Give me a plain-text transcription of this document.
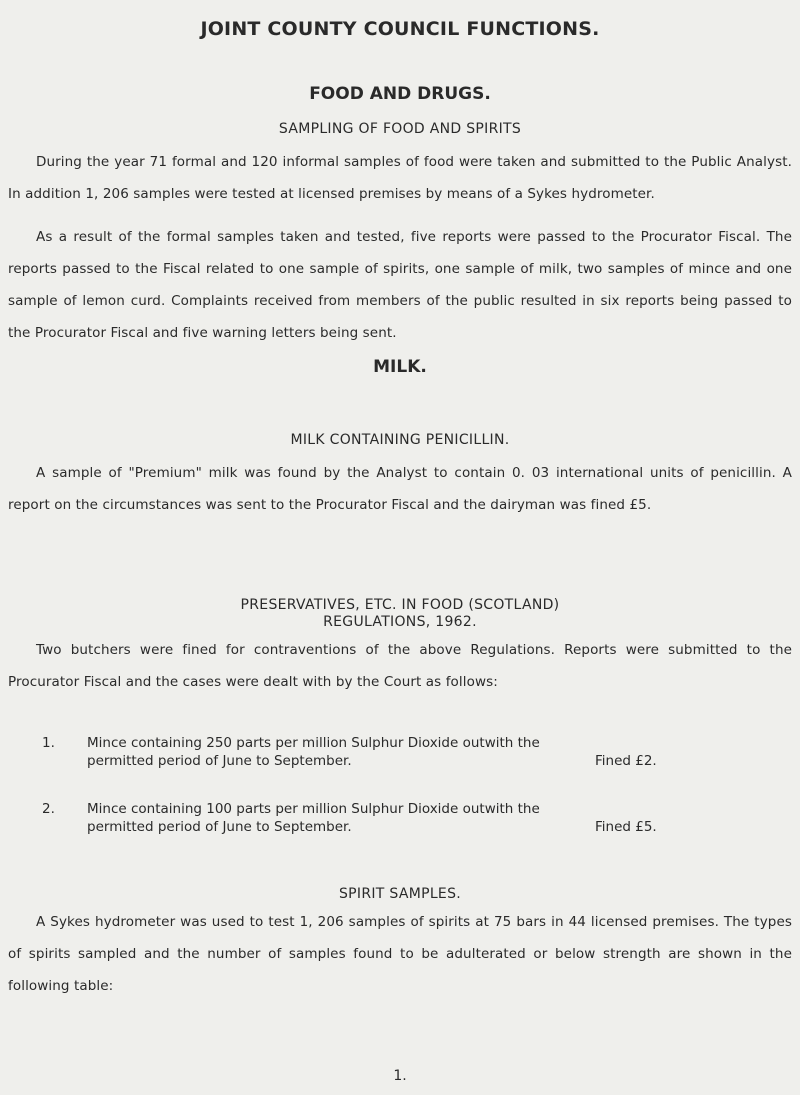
JOINT COUNTY COUNCIL FUNCTIONS.
FOOD AND DRUGS.
SAMPLING OF FOOD AND SPIRITS
During the year 71 formal and 120 informal samples of food were taken and submitted to the Public Analyst. In addition 1, 206 samples were tested at licensed premises by means of a Sykes hydrometer.
As a result of the formal samples taken and tested, five reports were passed to the Procurator Fiscal. The reports passed to the Fiscal related to one sample of spirits, one sample of milk, two samples of mince and one sample of lemon curd. Complaints received from members of the public resulted in six reports being passed to the Procurator Fiscal and five warning letters being sent.
MILK.
MILK CONTAINING PENICILLIN.
A sample of "Premium" milk was found by the Analyst to contain 0. 03 international units of penicillin. A report on the circumstances was sent to the Procurator Fiscal and the dairyman was fined £5.
PRESERVATIVES, ETC. IN FOOD (SCOTLAND)
REGULATIONS, 1962.
Two butchers were fined for contraventions of the above Regulations. Reports were submitted to the Procurator Fiscal and the cases were dealt with by the Court as follows:
1. Mince containing 250 parts per million Sulphur Dioxide outwith the permitted period of June to September.	Fined £2.
2. Mince containing 100 parts per million Sulphur Dioxide outwith the permitted period of June to September.	Fined £5.
SPIRIT SAMPLES.
A Sykes hydrometer was used to test 1, 206 samples of spirits at 75 bars in 44 licensed premises. The types of spirits sampled and the number of samples found to be adulterated or below strength are shown in the following table:
1.
